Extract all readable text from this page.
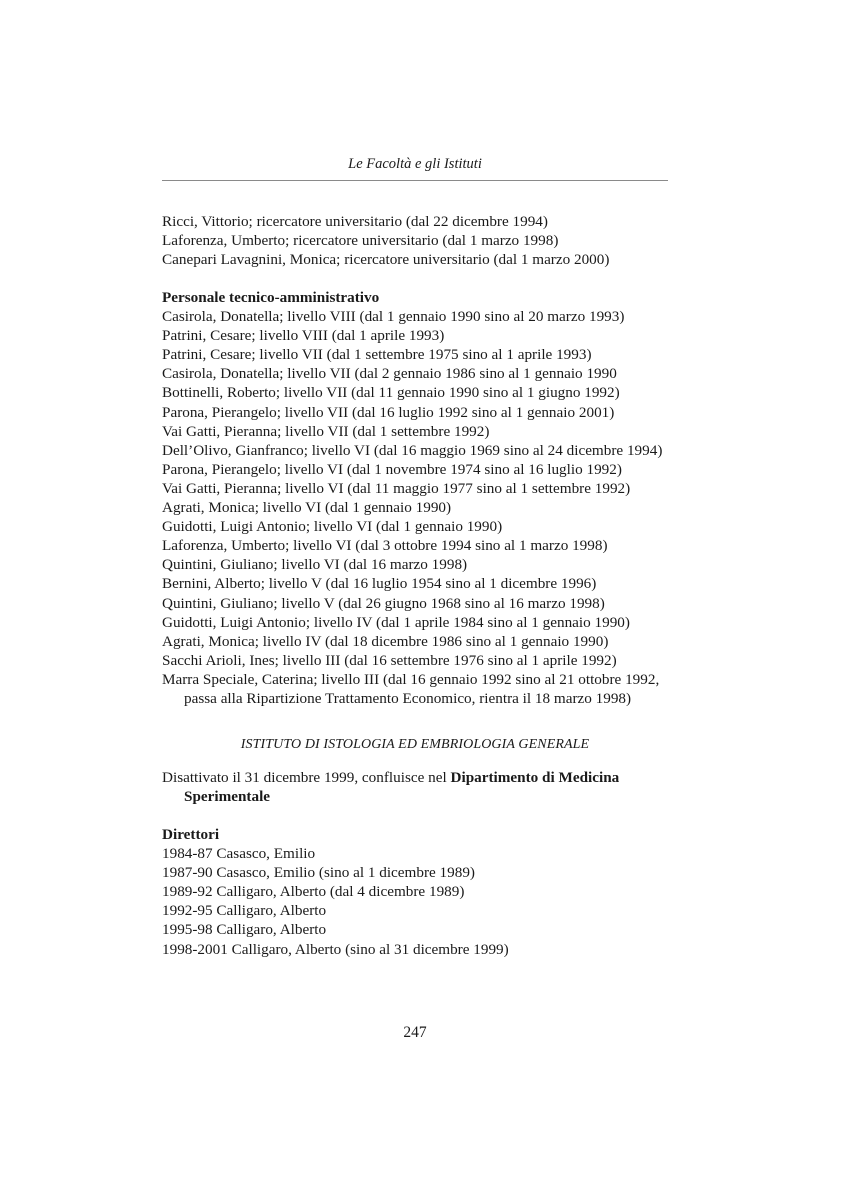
Le Facoltà e gli Istituti
Ricci, Vittorio; ricercatore universitario (dal 22 dicembre 1994)
Laforenza, Umberto; ricercatore universitario (dal 1 marzo 1998)
Canepari Lavagnini, Monica; ricercatore universitario (dal 1 marzo 2000)
Personale tecnico-amministrativo
Casirola, Donatella; livello VIII (dal 1 gennaio 1990 sino al 20 marzo 1993)
Patrini, Cesare; livello VIII (dal 1 aprile 1993)
Patrini, Cesare; livello VII (dal 1 settembre 1975 sino al 1 aprile 1993)
Casirola, Donatella; livello VII (dal 2 gennaio 1986 sino al 1 gennaio 1990
Bottinelli, Roberto; livello VII (dal 11 gennaio 1990 sino al 1 giugno 1992)
Parona, Pierangelo; livello VII (dal 16 luglio 1992 sino al 1 gennaio 2001)
Vai Gatti, Pieranna; livello VII (dal 1 settembre 1992)
Dell’Olivo, Gianfranco; livello VI (dal 16 maggio 1969 sino al 24 dicembre 1994)
Parona, Pierangelo; livello VI (dal 1 novembre 1974 sino al 16 luglio 1992)
Vai Gatti, Pieranna; livello VI (dal 11 maggio 1977 sino al 1 settembre 1992)
Agrati, Monica; livello VI (dal 1 gennaio 1990)
Guidotti, Luigi Antonio; livello VI (dal 1 gennaio 1990)
Laforenza, Umberto; livello VI (dal 3 ottobre 1994 sino al 1 marzo 1998)
Quintini, Giuliano; livello VI (dal 16 marzo 1998)
Bernini, Alberto; livello V (dal 16 luglio 1954 sino al 1 dicembre 1996)
Quintini, Giuliano; livello V (dal 26 giugno 1968 sino al 16 marzo 1998)
Guidotti, Luigi Antonio; livello IV (dal 1 aprile 1984 sino al 1 gennaio 1990)
Agrati, Monica; livello IV (dal 18 dicembre 1986 sino al 1 gennaio 1990)
Sacchi Arioli, Ines; livello III (dal 16 settembre 1976 sino al 1 aprile 1992)
Marra Speciale, Caterina; livello III (dal 16 gennaio 1992 sino al 21 ottobre 1992,
passa alla Ripartizione Trattamento Economico, rientra il 18 marzo 1998)
ISTITUTO DI ISTOLOGIA ED EMBRIOLOGIA GENERALE
Disattivato il 31 dicembre 1999, confluisce nel Dipartimento di Medicina
Sperimentale
Direttori
1984-87 Casasco, Emilio
1987-90 Casasco, Emilio (sino al 1 dicembre 1989)
1989-92 Calligaro, Alberto (dal 4 dicembre 1989)
1992-95 Calligaro, Alberto
1995-98 Calligaro, Alberto
1998-2001 Calligaro, Alberto (sino al 31 dicembre 1999)
247
